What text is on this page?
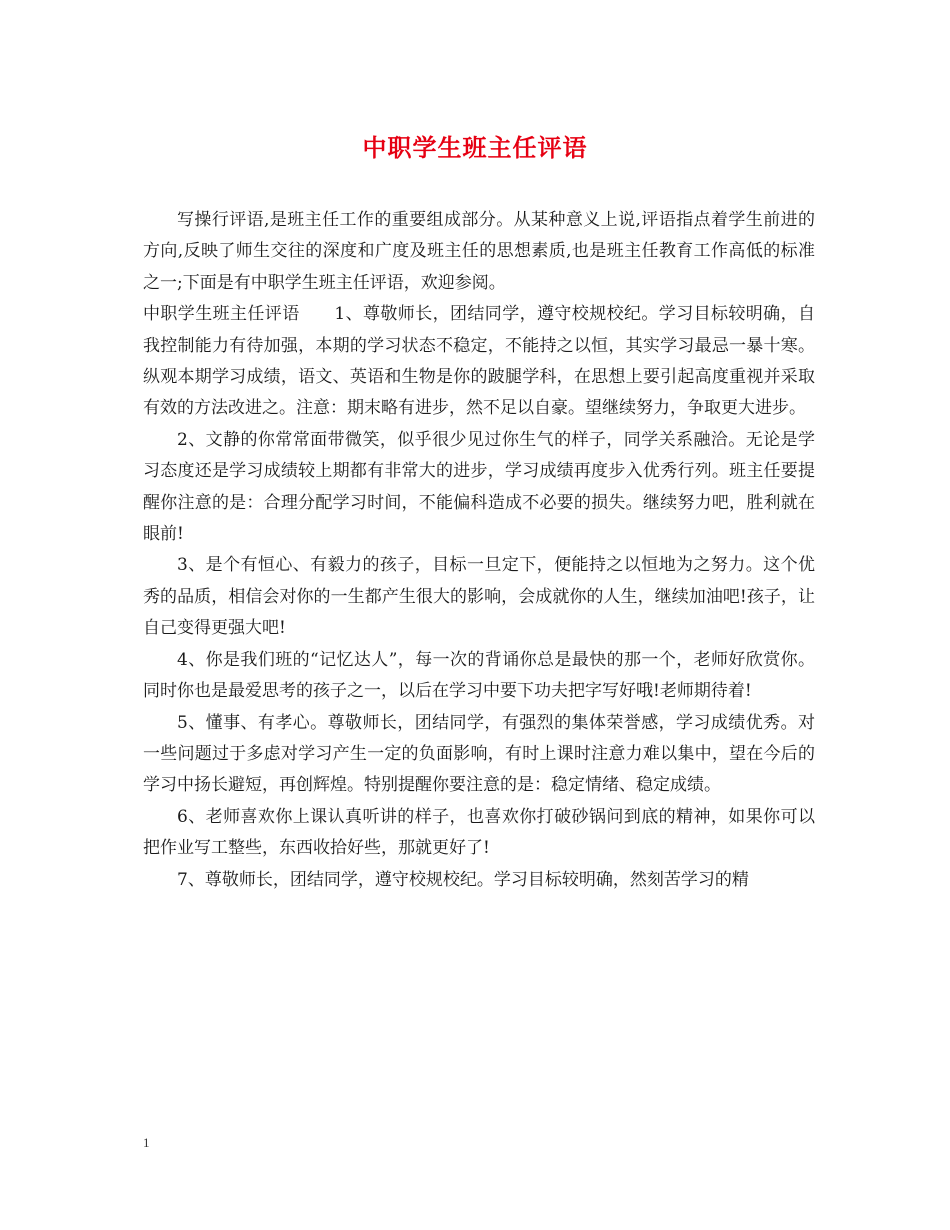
中职学生班主任评语

写操行评语,是班主任工作的重要组成部分。从某种意义上说,评语指点着学生前进的方向,反映了师生交往的深度和广度及班主任的思想素质,也是班主任教育工作高低的标准之一;下面是有中职学生班主任评语，欢迎参阅。

中职学生班主任评语　　1、尊敬师长，团结同学，遵守校规校纪。学习目标较明确，自我控制能力有待加强，本期的学习状态不稳定，不能持之以恒，其实学习最忌一暴十寒。纵观本期学习成绩，语文、英语和生物是你的跛腿学科，在思想上要引起高度重视并采取有效的方法改进之。注意：期末略有进步，然不足以自豪。望继续努力，争取更大进步。

2、文静的你常常面带微笑，似乎很少见过你生气的样子，同学关系融洽。无论是学习态度还是学习成绩较上期都有非常大的进步，学习成绩再度步入优秀行列。班主任要提醒你注意的是：合理分配学习时间，不能偏科造成不必要的损失。继续努力吧，胜利就在眼前!

3、是个有恒心、有毅力的孩子，目标一旦定下，便能持之以恒地为之努力。这个优秀的品质，相信会对你的一生都产生很大的影响，会成就你的人生，继续加油吧!孩子，让自己变得更强大吧!

4、你是我们班的“记忆达人”，每一次的背诵你总是最快的那一个，老师好欣赏你。同时你也是最爱思考的孩子之一，以后在学习中要下功夫把字写好哦!老师期待着!

5、懂事、有孝心。尊敬师长，团结同学，有强烈的集体荣誉感，学习成绩优秀。对一些问题过于多虑对学习产生一定的负面影响，有时上课时注意力难以集中，望在今后的学习中扬长避短，再创辉煌。特别提醒你要注意的是：稳定情绪、稳定成绩。

6、老师喜欢你上课认真听讲的样子，也喜欢你打破砂锅问到底的精神，如果你可以把作业写工整些，东西收拾好些，那就更好了!

7、尊敬师长，团结同学，遵守校规校纪。学习目标较明确，然刻苦学习的精

1
